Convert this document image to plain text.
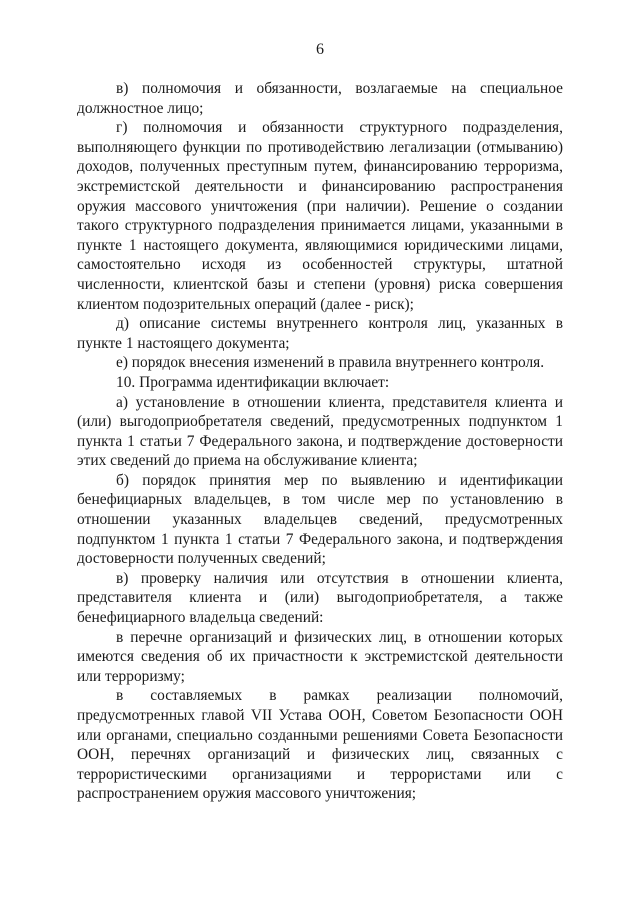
6

в) полномочия и обязанности, возлагаемые на специальное должностное лицо;

г) полномочия и обязанности структурного подразделения, выполняющего функции по противодействию легализации (отмыванию) доходов, полученных преступным путем, финансированию терроризма, экстремистской деятельности и финансированию распространения оружия массового уничтожения (при наличии). Решение о создании такого структурного подразделения принимается лицами, указанными в пункте 1 настоящего документа, являющимися юридическими лицами, самостоятельно исходя из особенностей структуры, штатной численности, клиентской базы и степени (уровня) риска совершения клиентом подозрительных операций (далее - риск);

д) описание системы внутреннего контроля лиц, указанных в пункте 1 настоящего документа;

е) порядок внесения изменений в правила внутреннего контроля.

10. Программа идентификации включает:

а) установление в отношении клиента, представителя клиента и (или) выгодоприобретателя сведений, предусмотренных подпунктом 1 пункта 1 статьи 7 Федерального закона, и подтверждение достоверности этих сведений до приема на обслуживание клиента;

б) порядок принятия мер по выявлению и идентификации бенефициарных владельцев, в том числе мер по установлению в отношении указанных владельцев сведений, предусмотренных подпунктом 1 пункта 1 статьи 7 Федерального закона, и подтверждения достоверности полученных сведений;

в) проверку наличия или отсутствия в отношении клиента, представителя клиента и (или) выгодоприобретателя, а также бенефициарного владельца сведений:

в перечне организаций и физических лиц, в отношении которых имеются сведения об их причастности к экстремистской деятельности или терроризму;

в составляемых в рамках реализации полномочий, предусмотренных главой VII Устава ООН, Советом Безопасности ООН или органами, специально созданными решениями Совета Безопасности ООН, перечнях организаций и физических лиц, связанных с террористическими организациями и террористами или с распространением оружия массового уничтожения;
